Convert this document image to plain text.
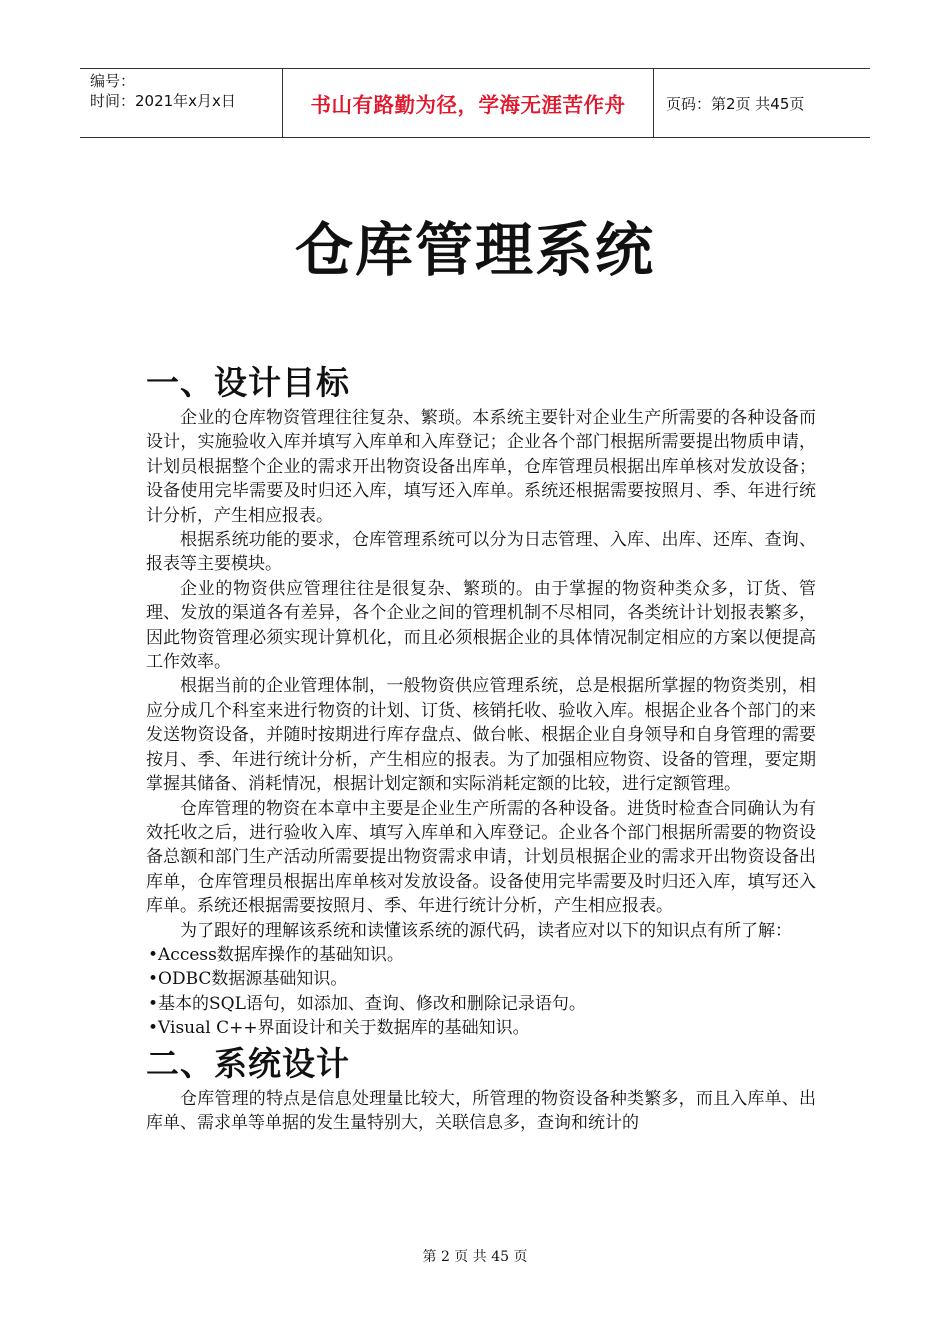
编号：
时间：2021年x月x日	书山有路勤为径，学海无涯苦作舟	页码：第2页 共45页
仓库管理系统
一、设计目标

企业的仓库物资管理往往复杂、繁琐。本系统主要针对企业生产所需要的各种设备而设计，实施验收入库并填写入库单和入库登记；企业各个部门根据所需要提出物质申请，计划员根据整个企业的需求开出物资设备出库单，仓库管理员根据出库单核对发放设备；设备使用完毕需要及时归还入库，填写还入库单。系统还根据需要按照月、季、年进行统计分析，产生相应报表。

根据系统功能的要求，仓库管理系统可以分为日志管理、入库、出库、还库、查询、报表等主要模块。

企业的物资供应管理往往是很复杂、繁琐的。由于掌握的物资种类众多，订货、管理、发放的渠道各有差异，各个企业之间的管理机制不尽相同，各类统计计划报表繁多，因此物资管理必须实现计算机化，而且必须根据企业的具体情况制定相应的方案以便提高工作效率。

根据当前的企业管理体制，一般物资供应管理系统，总是根据所掌握的物资类别，相应分成几个科室来进行物资的计划、订货、核销托收、验收入库。根据企业各个部门的来发送物资设备，并随时按期进行库存盘点、做台帐、根据企业自身领导和自身管理的需要按月、季、年进行统计分析，产生相应的报表。为了加强相应物资、设备的管理，要定期掌握其储备、消耗情况，根据计划定额和实际消耗定额的比较，进行定额管理。

仓库管理的物资在本章中主要是企业生产所需的各种设备。进货时检查合同确认为有效托收之后，进行验收入库、填写入库单和入库登记。企业各个部门根据所需要的物资设备总额和部门生产活动所需要提出物资需求申请，计划员根据企业的需求开出物资设备出库单，仓库管理员根据出库单核对发放设备。设备使用完毕需要及时归还入库，填写还入库单。系统还根据需要按照月、季、年进行统计分析，产生相应报表。

为了跟好的理解该系统和读懂该系统的源代码，读者应对以下的知识点有所了解：

•Access数据库操作的基础知识。

•ODBC数据源基础知识。

•基本的SQL语句，如添加、查询、修改和删除记录语句。

•Visual C++界面设计和关于数据库的基础知识。

二、系统设计

仓库管理的特点是信息处理量比较大，所管理的物资设备种类繁多，而且入库单、出库单、需求单等单据的发生量特别大，关联信息多，查询和统计的

第 2 页 共 45 页
